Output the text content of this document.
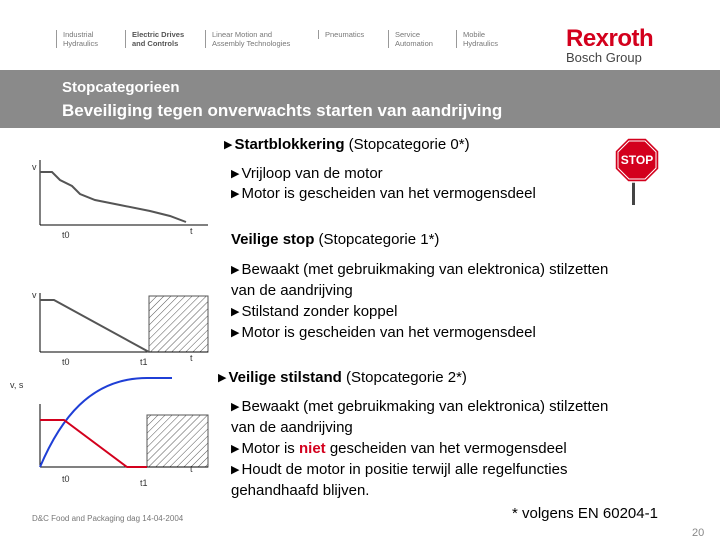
Industrial
Hydraulics
Electric Drives
and Controls
Linear Motion and
Assembly Technologies
Pneumatics	Service
Automation
Mobile
Hydraulics	Rexroth
Bosch Group
Stopcategorieen
Beveiliging tegen onverwachts starten van aandrijving
v
t0	t
v
t0	t1	t
v, s
t0	t1
t
STOP
▶ Startblokkering (Stopcategorie 0*)
▶ Vrijloop van de motor
▶ Motor is gescheiden van het vermogensdeel
Veilige stop (Stopcategorie 1*)
▶ Bewaakt (met gebruikmaking van elektronica) stilzetten
van de aandrijving
▶ Stilstand zonder koppel
▶ Motor is gescheiden van het vermogensdeel
▶ Veilige stilstand (Stopcategorie 2*)
▶ Bewaakt (met gebruikmaking van elektronica) stilzetten
van de aandrijving
▶ Motor is niet gescheiden van het vermogensdeel
▶ Houdt de motor in positie terwijl alle regelfuncties
gehandhaafd blijven.
* volgens EN 60204-1
D&C Food and Packaging dag 14-04-2004
20
